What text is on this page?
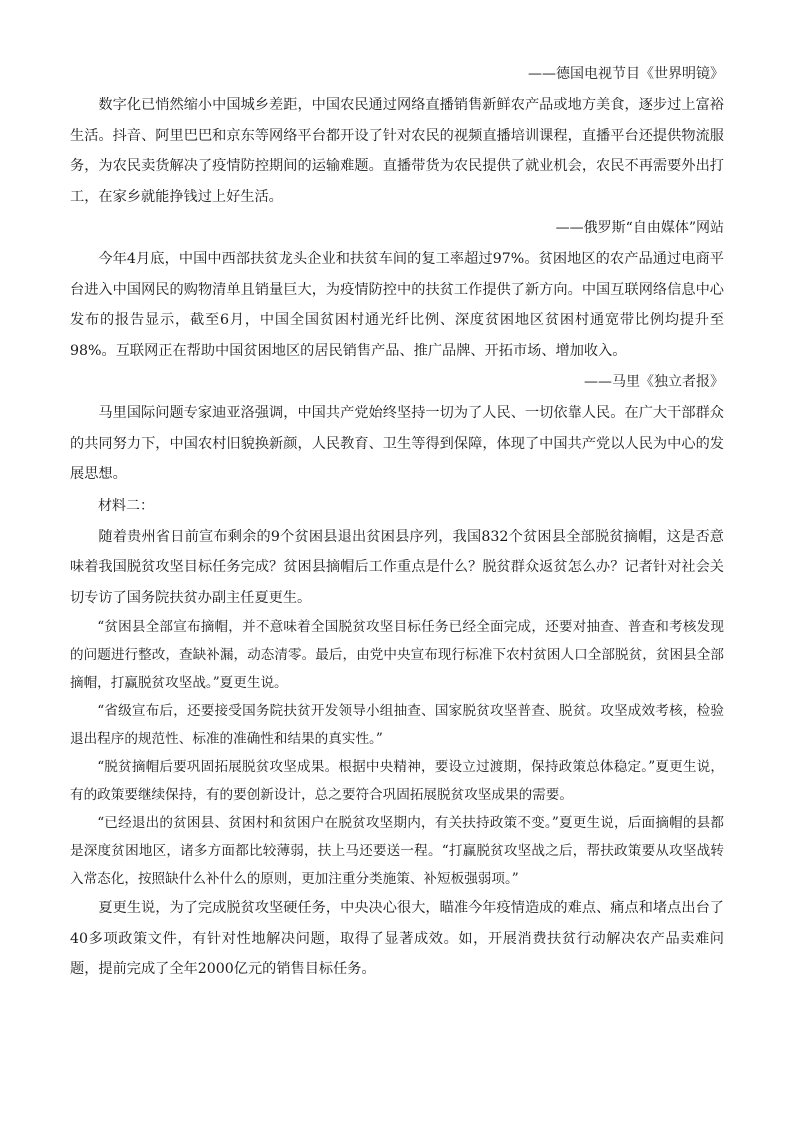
——德国电视节目《世界明镜》

数字化已悄然缩小中国城乡差距，中国农民通过网络直播销售新鲜农产品或地方美食，逐步过上富裕生活。抖音、阿里巴巴和京东等网络平台都开设了针对农民的视频直播培训课程，直播平台还提供物流服务，为农民卖货解决了疫情防控期间的运输难题。直播带货为农民提供了就业机会，农民不再需要外出打工，在家乡就能挣钱过上好生活。

——俄罗斯“自由媒体”网站

今年4月底，中国中西部扶贫龙头企业和扶贫车间的复工率超过97%。贫困地区的农产品通过电商平台进入中国网民的购物清单且销量巨大，为疫情防控中的扶贫工作提供了新方向。中国互联网络信息中心发布的报告显示，截至6月，中国全国贫困村通光纤比例、深度贫困地区贫困村通宽带比例均提升至98%。互联网正在帮助中国贫困地区的居民销售产品、推广品牌、开拓市场、增加收入。

——马里《独立者报》

马里国际问题专家迪亚洛强调，中国共产党始终坚持一切为了人民、一切依靠人民。在广大干部群众的共同努力下，中国农村旧貌换新颜，人民教育、卫生等得到保障，体现了中国共产党以人民为中心的发展思想。

材料二：

随着贵州省日前宣布剩余的9个贫困县退出贫困县序列，我国832个贫困县全部脱贫摘帽，这是否意味着我国脱贫攻坚目标任务完成？贫困县摘帽后工作重点是什么？脱贫群众返贫怎么办？记者针对社会关切专访了国务院扶贫办副主任夏更生。

“贫困县全部宣布摘帽，并不意味着全国脱贫攻坚目标任务已经全面完成，还要对抽查、普查和考核发现的问题进行整改，查缺补漏，动态清零。最后，由党中央宣布现行标准下农村贫困人口全部脱贫，贫困县全部摘帽，打赢脱贫攻坚战。”夏更生说。

“省级宣布后，还要接受国务院扶贫开发领导小组抽查、国家脱贫攻坚普查、脱贫。攻坚成效考核，检验退出程序的规范性、标准的准确性和结果的真实性。”

“脱贫摘帽后要巩固拓展脱贫攻坚成果。根据中央精神，要设立过渡期，保持政策总体稳定。”夏更生说，有的政策要继续保持，有的要创新设计，总之要符合巩固拓展脱贫攻坚成果的需要。

“已经退出的贫困县、贫困村和贫困户在脱贫攻坚期内，有关扶持政策不变。”夏更生说，后面摘帽的县都是深度贫困地区，诸多方面都比较薄弱，扶上马还要送一程。“打赢脱贫攻坚战之后，帮扶政策要从攻坚战转入常态化，按照缺什么补什么的原则，更加注重分类施策、补短板强弱项。”

夏更生说，为了完成脱贫攻坚硬任务，中央决心很大，瞄准今年疫情造成的难点、痛点和堵点出台了40多项政策文件，有针对性地解决问题，取得了显著成效。如，开展消费扶贫行动解决农产品卖难问题，提前完成了全年2000亿元的销售目标任务。
